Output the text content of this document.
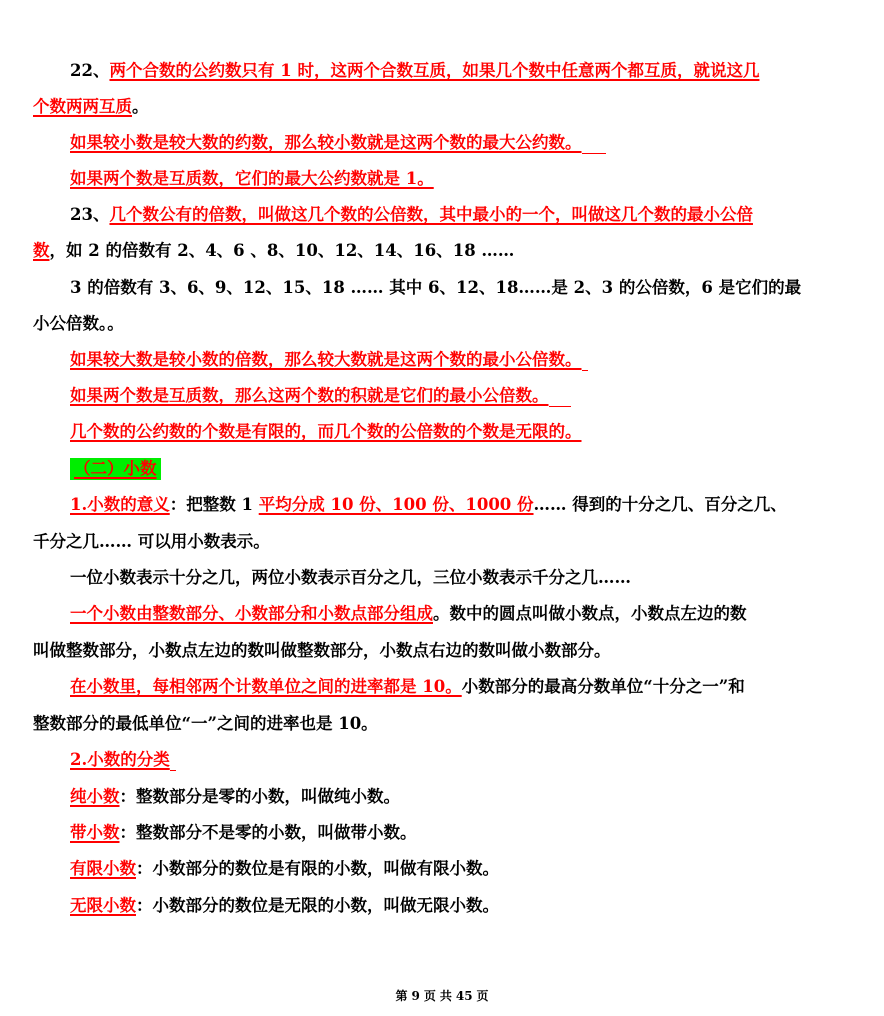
22、两个合数的公约数只有 1 时，这两个合数互质，如果几个数中任意两个都互质，就说这几
个数两两互质。
如果较小数是较大数的约数，那么较小数就是这两个数的最大公约数。
如果两个数是互质数，它们的最大公约数就是 1。
23、几个数公有的倍数，叫做这几个数的公倍数，其中最小的一个，叫做这几个数的最小公倍
数，如 2 的倍数有 2、4、6 、8、10、12、14、16、18 ……
3 的倍数有 3、6、9、12、15、18 …… 其中 6、12、18……是 2、3 的公倍数，6 是它们的最
小公倍数。。
如果较大数是较小数的倍数，那么较大数就是这两个数的最小公倍数。
如果两个数是互质数，那么这两个数的积就是它们的最小公倍数。
几个数的公约数的个数是有限的，而几个数的公倍数的个数是无限的。
（二）小数
1.小数的意义：把整数 1 平均分成 10 份、100 份、1000 份…… 得到的十分之几、百分之几、
千分之几…… 可以用小数表示。
一位小数表示十分之几，两位小数表示百分之几，三位小数表示千分之几……
一个小数由整数部分、小数部分和小数点部分组成。数中的圆点叫做小数点，小数点左边的数
叫做整数部分，小数点左边的数叫做整数部分，小数点右边的数叫做小数部分。
在小数里，每相邻两个计数单位之间的进率都是 10。小数部分的最高分数单位“十分之一”和
整数部分的最低单位“一”之间的进率也是 10。
2.小数的分类
纯小数：整数部分是零的小数，叫做纯小数。
带小数：整数部分不是零的小数，叫做带小数。
有限小数：小数部分的数位是有限的小数，叫做有限小数。
无限小数：小数部分的数位是无限的小数，叫做无限小数。
第 9 页 共 45 页
